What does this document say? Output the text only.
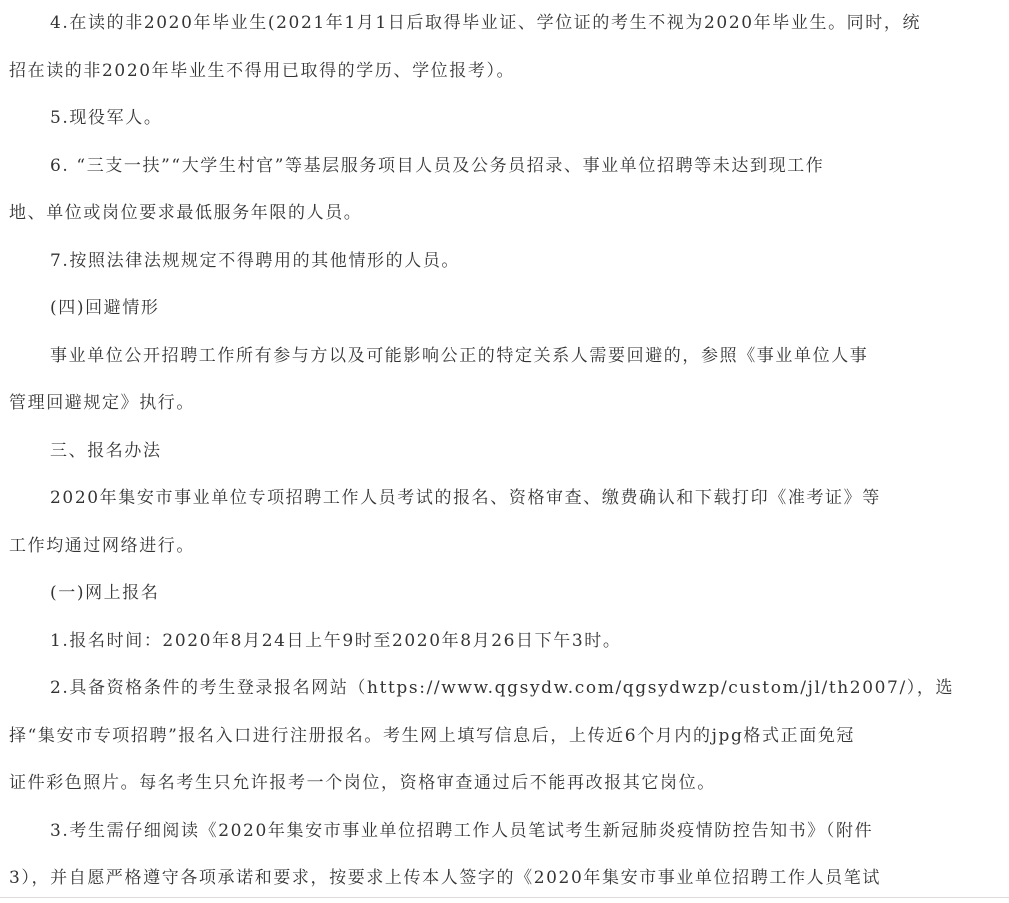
4.在读的非2020年毕业生(2021年1月1日后取得毕业证、学位证的考生不视为2020年毕业生。同时，统

招在读的非2020年毕业生不得用已取得的学历、学位报考）。

5.现役军人。

6. “三支一扶”“大学生村官”等基层服务项目人员及公务员招录、事业单位招聘等未达到现工作

地、单位或岗位要求最低服务年限的人员。

7.按照法律法规规定不得聘用的其他情形的人员。

(四)回避情形

事业单位公开招聘工作所有参与方以及可能影响公正的特定关系人需要回避的，参照《事业单位人事

管理回避规定》执行。

三、报名办法

2020年集安市事业单位专项招聘工作人员考试的报名、资格审查、缴费确认和下载打印《准考证》等

工作均通过网络进行。

(一)网上报名

1.报名时间：2020年8月24日上午9时至2020年8月26日下午3时。

2.具备资格条件的考生登录报名网站（https://www.qgsydw.com/qgsydwzp/custom/jl/th2007/），选

择“集安市专项招聘”报名入口进行注册报名。考生网上填写信息后，上传近6个月内的jpg格式正面免冠

证件彩色照片。每名考生只允许报考一个岗位，资格审查通过后不能再改报其它岗位。

3.考生需仔细阅读《2020年集安市事业单位招聘工作人员笔试考生新冠肺炎疫情防控告知书》（附件

3），并自愿严格遵守各项承诺和要求，按要求上传本人签字的《2020年集安市事业单位招聘工作人员笔试
